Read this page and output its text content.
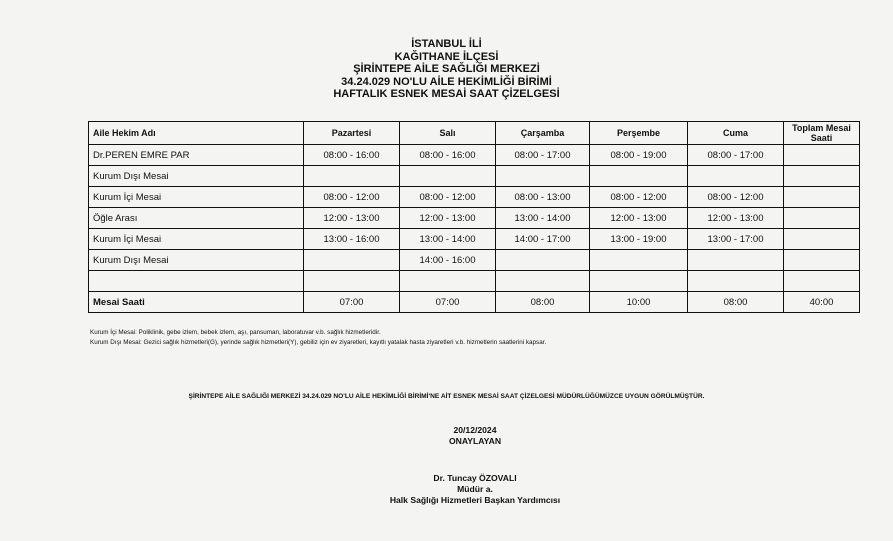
İSTANBUL İLİ
KAĞITHANE İLÇESİ
ŞİRİNTEPE AİLE SAĞLIĞI MERKEZİ
34.24.029 NO'LU AİLE HEKİMLİĞİ BİRİMİ
HAFTALIK ESNEK MESAİ SAAT ÇİZELGESİ
Aile Hekim Adı	Pazartesi	Salı	Çarşamba	Perşembe	Cuma	Toplam Mesai Saati
Dr.PEREN EMRE PAR	08:00 - 16:00	08:00 - 16:00	08:00 - 17:00	08:00 - 19:00	08:00 - 17:00	
Kurum Dışı Mesai						
Kurum İçi Mesai	08:00 - 12:00	08:00 - 12:00	08:00 - 13:00	08:00 - 12:00	08:00 - 12:00	
Öğle Arası	12:00 - 13:00	12:00 - 13:00	13:00 - 14:00	12:00 - 13:00	12:00 - 13:00	
Kurum İçi Mesai	13:00 - 16:00	13:00 - 14:00	14:00 - 17:00	13:00 - 19:00	13:00 - 17:00	
Kurum Dışı Mesai		14:00 - 16:00				

Mesai Saati	07:00	07:00	08:00	10:00	08:00	40:00
Kurum İçi Mesai: Poliklinik, gebe izlem, bebek izlem, aşı, pansuman, laboratuvar v.b. sağlık hizmetleridir.
Kurum Dışı Mesai: Gezici sağlık hizmetleri(G), yerinde sağlık hizmetleri(Y), gebiliz için ev ziyaretleri, kayıtlı yatalak hasta ziyaretleri v.b. hizmetlerin saatlerini kapsar.
ŞİRİNTEPE AİLE SAĞLIĞI MERKEZİ 34.24.029 NO'LU AİLE HEKİMLİĞİ BİRİMİ'NE AİT ESNEK MESAİ SAAT ÇİZELGESİ MÜDÜRLÜĞÜMÜZCE UYGUN GÖRÜLMÜŞTÜR.
20/12/2024
ONAYLAYAN
Dr. Tuncay ÖZOVALI
Müdür a.
Halk Sağlığı Hizmetleri Başkan Yardımcısı
